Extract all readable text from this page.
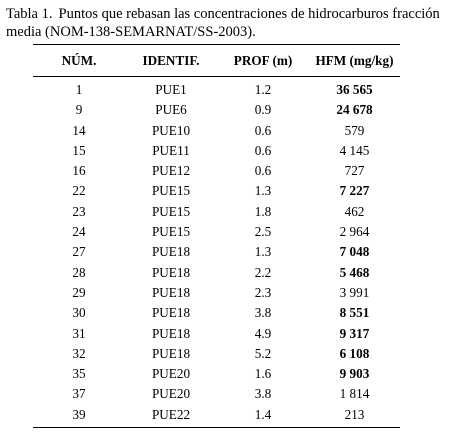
Tabla 1. Puntos que rebasan las concentraciones de hidrocarburos fracción media (NOM-138-SEMARNAT/SS-2003).

NÚM.	IDENTIF.	PROF (m)	HFM (mg/kg)

1	PUE1	1.2	36 565
9	PUE6	0.9	24 678
14	PUE10	0.6	579
15	PUE11	0.6	4 145
16	PUE12	0.6	727
22	PUE15	1.3	7 227
23	PUE15	1.8	462
24	PUE15	2.5	2 964
27	PUE18	1.3	7 048
28	PUE18	2.2	5 468
29	PUE18	2.3	3 991
30	PUE18	3.8	8 551
31	PUE18	4.9	9 317
32	PUE18	5.2	6 108
35	PUE20	1.6	9 903
37	PUE20	3.8	1 814
39	PUE22	1.4	213
